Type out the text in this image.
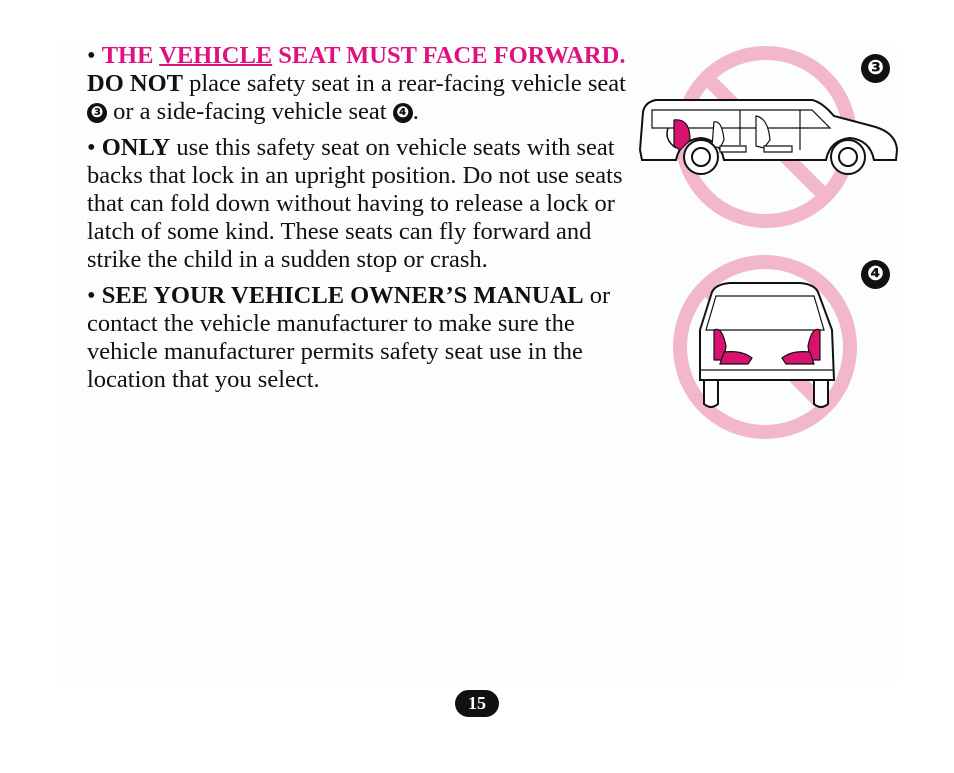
• THE VEHICLE SEAT MUST FACE FORWARD. DO NOT place safety seat in a rear-facing vehicle seat ❸ or a side-facing vehicle seat ❹ .

• ONLY use this safety seat on vehicle seats with seat backs that lock in an upright position. Do not use seats that can fold down without having to release a lock or latch of some kind. These seats can fly forward and strike the child in a sudden stop or crash.

• SEE YOUR VEHICLE OWNER’S MANUAL or contact the vehicle manufacturer to make sure the vehicle manufacturer permits safety seat use in the location that you select.

❸
❹
15
